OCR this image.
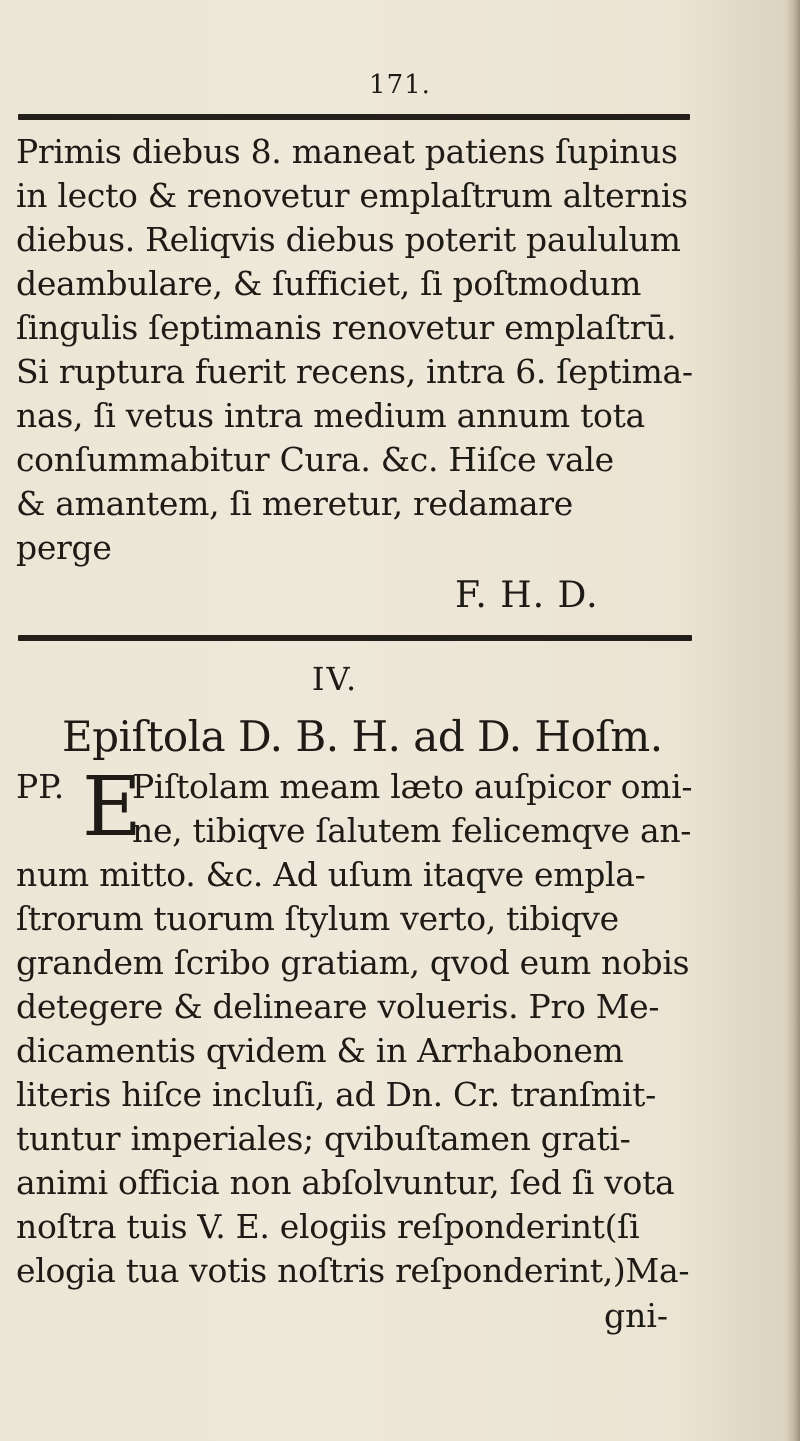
171.
Primis diebus 8. maneat patiens ſupinus
in lecto & renovetur emplaſtrum alternis
diebus. Reliqvis diebus poterit paululum
deambulare, & ſufficiet, ſi poſtmodum
ſingulis ſeptimanis renovetur emplaſtrū.
Si ruptura fuerit recens, intra 6. ſeptima-
nas, ſi vetus intra medium annum tota
conſummabitur Cura. &c. Hiſce vale
& amantem, ſi meretur, redamare
perge
F. H. D.
IV.
Epiſtola D. B. H. ad D. Hoſm.
PP. E
Piſtolam meam læto auſpicor omi-
ne, tibiqve ſalutem felicemqve an-
num mitto. &c. Ad uſum itaqve empla-
ſtrorum tuorum ſtylum verto, tibiqve
grandem ſcribo gratiam, qvod eum nobis
detegere & delineare volueris. Pro Me-
dicamentis qvidem & in Arrhabonem
literis hiſce incluſi, ad Dn. Cr. tranſmit-
tuntur imperiales; qvibuſtamen grati-
animi officia non abſolvuntur, ſed ſi vota
noſtra tuis V. E. elogiis reſponderint(ſi
elogia tua votis noſtris reſponderint,)Ma-
gni-
